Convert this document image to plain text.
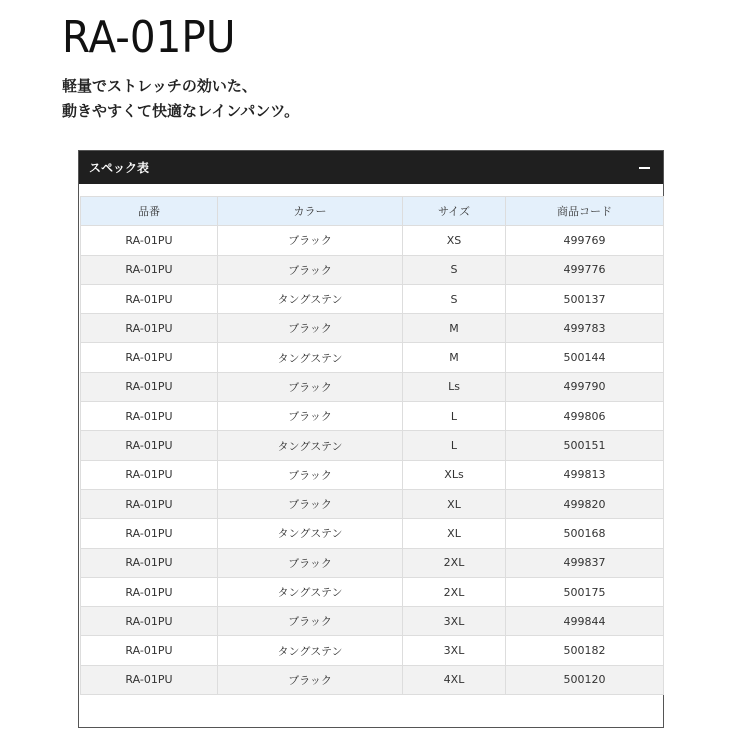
RA-01PU
軽量でストレッチの効いた、
動きやすくて快適なレインパンツ。
スペック表
品番	カラー	サイズ	商品コード
RA-01PU	ブラック	XS	499769
RA-01PU	ブラック	S	499776
RA-01PU	タングステン	S	500137
RA-01PU	ブラック	M	499783
RA-01PU	タングステン	M	500144
RA-01PU	ブラック	Ls	499790
RA-01PU	ブラック	L	499806
RA-01PU	タングステン	L	500151
RA-01PU	ブラック	XLs	499813
RA-01PU	ブラック	XL	499820
RA-01PU	タングステン	XL	500168
RA-01PU	ブラック	2XL	499837
RA-01PU	タングステン	2XL	500175
RA-01PU	ブラック	3XL	499844
RA-01PU	タングステン	3XL	500182
RA-01PU	ブラック	4XL	500120
